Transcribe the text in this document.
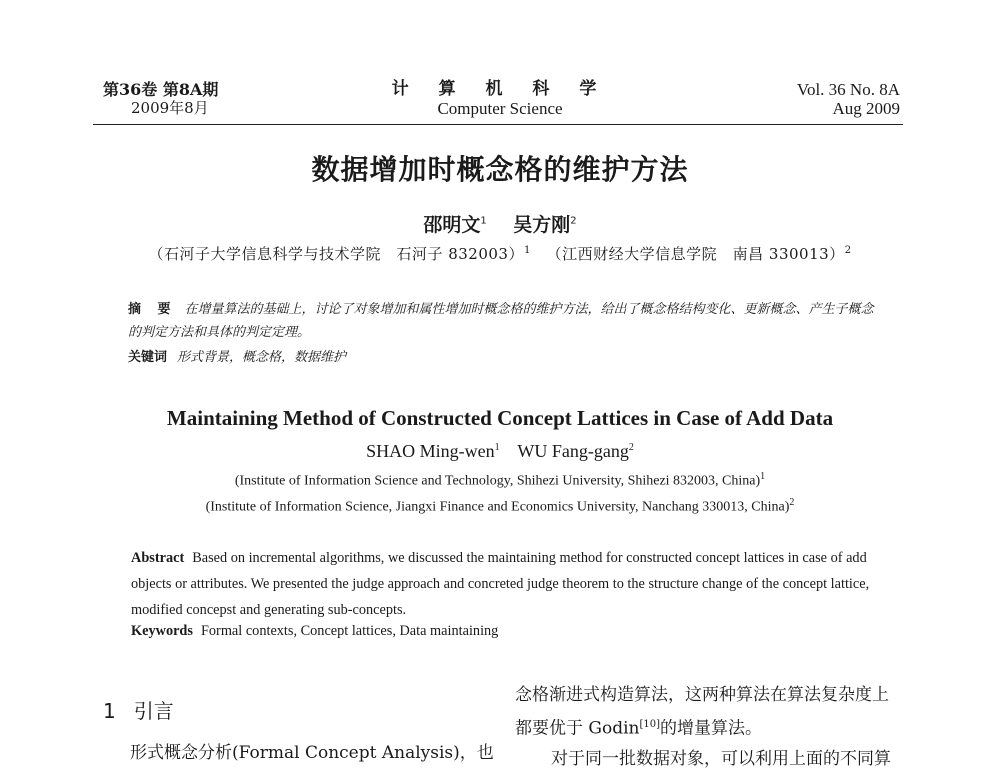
第36卷 第8A期
2009年8月
计 算 机 科 学
Computer Science
Vol. 36 No. 8A
Aug 2009
数据增加时概念格的维护方法
邵明文$^1$ 吴方刚$^2$
（石河子大学信息科学与技术学院　石河子 832003）$^1$ （江西财经大学信息学院　南昌 330013）$^2$
摘 要 在增量算法的基础上，讨论了对象增加和属性增加时概念格的维护方法，给出了概念格结构变化、更新概念、产生子概念的判定方法和具体的判定定理。
关键词 形式背景，概念格，数据维护
Maintaining Method of Constructed Concept Lattices in Case of Add Data
SHAO Ming-wen$^1$ WU Fang-gang$^2$
(Institute of Information Science and Technology, Shihezi University, Shihezi 832003, China)$^1$
(Institute of Information Science, Jiangxi Finance and Economics University, Nanchang 330013, China)$^2$
Abstract Based on incremental algorithms, we discussed the maintaining method for constructed concept lattices in case of add objects or attributes. We presented the judge approach and concreted judge theorem to the structure change of the concept lattice, modified concepst and generating sub-concepts.
Keywords Formal contexts, Concept lattices, Data maintaining
1 引言
形式概念分析(Formal Concept Analysis)，也
念格渐进式构造算法，这两种算法在算法复杂度上
都要优于 Godin[10]的增量算法。
对于同一批数据对象，可以利用上面的不同算
